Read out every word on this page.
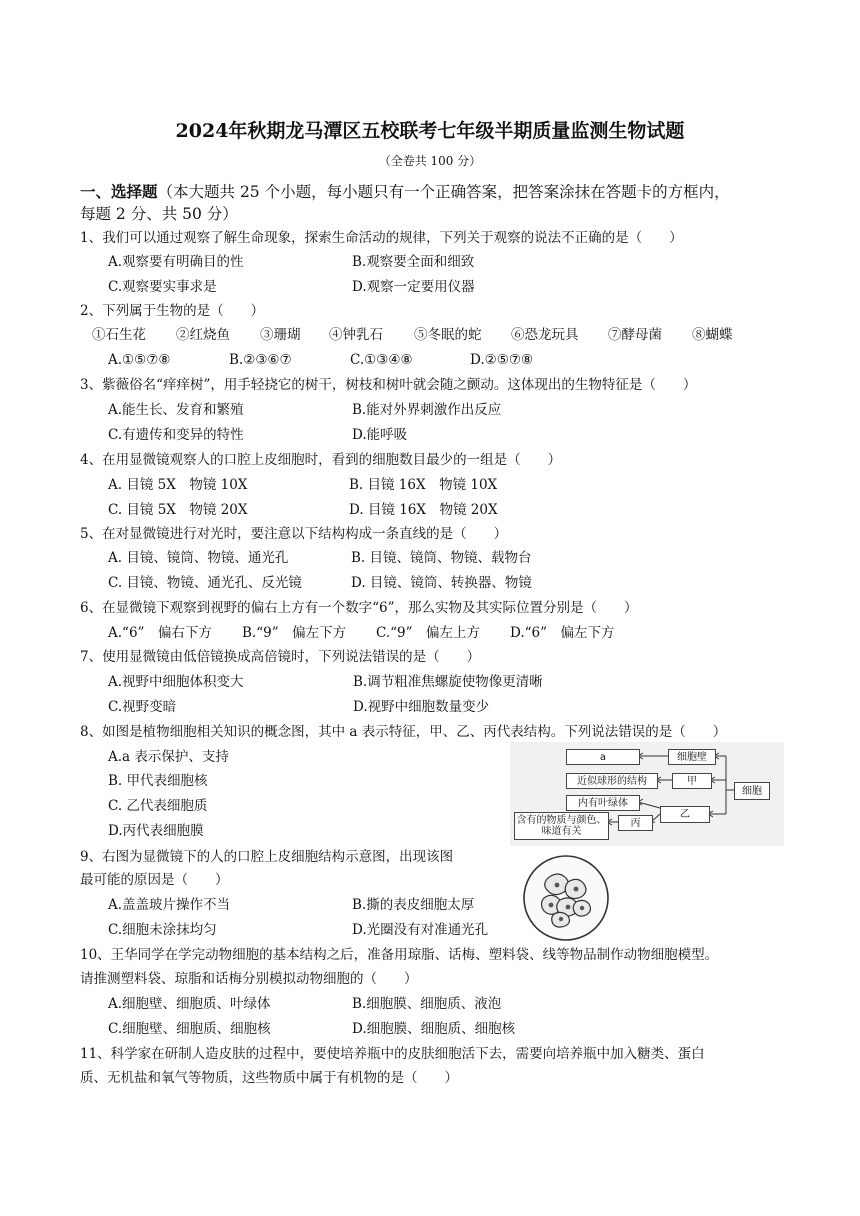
2024年秋期龙马潭区五校联考七年级半期质量监测生物试题
（全卷共 100 分）
一、选择题（本大题共 25 个小题，每小题只有一个正确答案，把答案涂抹在答题卡的方框内，
每题 2 分、共 50 分）
1、我们可以通过观察了解生命现象，探索生命活动的规律，下列关于观察的说法不正确的是（　　）
A.观察要有明确目的性	B.观察要全面和细致
C.观察要实事求是	D.观察一定要用仪器
2、下列属于生物的是（　　）
①石生花 ②红烧鱼 ③珊瑚 ④钟乳石 ⑤冬眠的蛇 ⑥恐龙玩具 ⑦酵母菌 ⑧蝴蝶
A.①⑤⑦⑧	B.②③⑥⑦	C.①③④⑧	D.②⑤⑦⑧
3、紫薇俗名“痒痒树”，用手轻挠它的树干，树枝和树叶就会随之颤动。这体现出的生物特征是（　　）
A.能生长、发育和繁殖	B.能对外界刺激作出反应
C.有遗传和变异的特性	D.能呼吸
4、在用显微镜观察人的口腔上皮细胞时，看到的细胞数目最少的一组是（　　）
A. 目镜 5X　物镜 10X	B. 目镜 16X　物镜 10X
C. 目镜 5X　物镜 20X	D. 目镜 16X　物镜 20X
5、在对显微镜进行对光时，要注意以下结构构成一条直线的是（　　）
A. 目镜、镜筒、物镜、通光孔	B. 目镜、镜筒、物镜、载物台
C. 目镜、物镜、通光孔、反光镜	D. 目镜、镜筒、转换器、物镜
6、在显微镜下观察到视野的偏右上方有一个数字“6”，那么实物及其实际位置分别是（　　）
A.“6”　偏右下方 B.“9”　偏左下方 C.“9”　偏左上方 D.“6”　偏左下方
7、使用显微镜由低倍镜换成高倍镜时，下列说法错误的是（　　）
A.视野中细胞体积变大	B.调节粗准焦螺旋使物像更清晰
C.视野变暗	D.视野中细胞数量变少
8、如图是植物细胞相关知识的概念图，其中 a 表示特征，甲、乙、丙代表结构。下列说法错误的是（　　）
A.a 表示保护、支持
B. 甲代表细胞核
C. 乙代表细胞质
D.丙代表细胞膜
a	细胞壁
近似球形的结构	甲
细胞
内有叶绿体
乙
含有的物质与颜色、味道有关
丙
9、右图为显微镜下的人的口腔上皮细胞结构示意图，出现该图
最可能的原因是（　　）
A.盖盖玻片操作不当	B.撕的表皮细胞太厚
C.细胞未涂抹均匀	D.光圈没有对准通光孔
10、王华同学在学完动物细胞的基本结构之后，准备用琼脂、话梅、塑料袋、线等物品制作动物细胞模型。
请推测塑料袋、琼脂和话梅分别模拟动物细胞的（　　）
A.细胞壁、细胞质、叶绿体	B.细胞膜、细胞质、液泡
C.细胞壁、细胞质、细胞核	D.细胞膜、细胞质、细胞核
11、科学家在研制人造皮肤的过程中，要使培养瓶中的皮肤细胞活下去，需要向培养瓶中加入糖类、蛋白
质、无机盐和氧气等物质，这些物质中属于有机物的是（　　）
